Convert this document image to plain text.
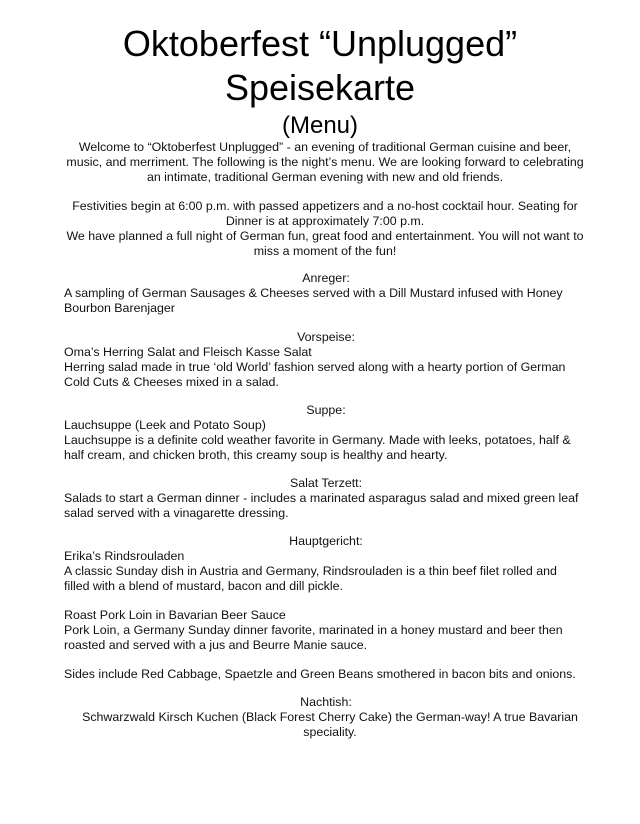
Oktoberfest “Unplugged”
Speisekarte
(Menu)

Welcome to “Oktoberfest Unplugged” - an evening of traditional German cuisine and beer, music, and merriment. The following is the night’s menu. We are looking forward to celebrating an intimate, traditional German evening with new and old friends.

Festivities begin at 6:00 p.m. with passed appetizers and a no-host cocktail hour. Seating for Dinner is at approximately 7:00 p.m.

We have planned a full night of German fun, great food and entertainment. You will not want to miss a moment of the fun!

Anreger:

A sampling of German Sausages & Cheeses served with a Dill Mustard infused with Honey Bourbon Barenjager

Vorspeise:

Oma’s Herring Salat and Fleisch Kasse Salat

Herring salad made in true ‘old World’ fashion served along with a hearty portion of German Cold Cuts & Cheeses mixed in a salad.

Suppe:

Lauchsuppe (Leek and Potato Soup)

Lauchsuppe is a definite cold weather favorite in Germany. Made with leeks, potatoes, half & half cream, and chicken broth, this creamy soup is healthy and hearty.

Salat Terzett:

Salads to start a German dinner - includes a marinated asparagus salad and mixed green leaf salad served with a vinagarette dressing.

Hauptgericht:

Erika’s Rindsrouladen

A classic Sunday dish in Austria and Germany, Rindsrouladen is a thin beef filet rolled and filled with a blend of mustard, bacon and dill pickle.

Roast Pork Loin in Bavarian Beer Sauce

Pork Loin, a Germany Sunday dinner favorite, marinated in a honey mustard and beer then roasted and served with a jus and Beurre Manie sauce.

Sides include Red Cabbage, Spaetzle and Green Beans smothered in bacon bits and onions.

Nachtish:

Schwarzwald Kirsch Kuchen (Black Forest Cherry Cake) the German-way! A true Bavarian speciality.
